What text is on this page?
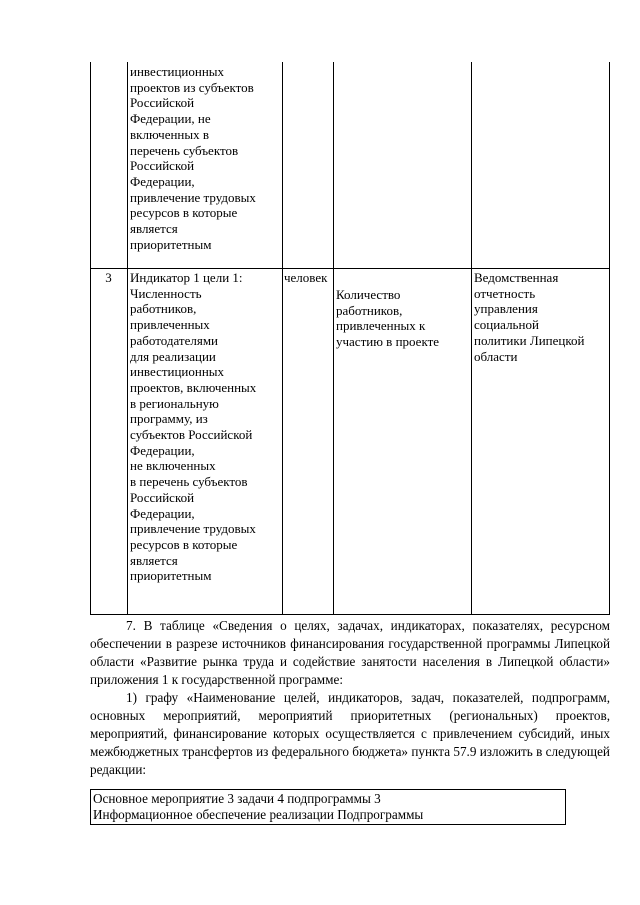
инвестиционных
проектов из субъектов
Российской
Федерации, не
включенных в
перечень субъектов
Российской
Федерации,
привлечение трудовых
ресурсов в которые
является
приоритетным
3	Индикатор 1 цели 1:
Численность
работников,
привлеченных
работодателями
для реализации
инвестиционных
проектов, включенных
в региональную
программу, из
субъектов Российской
Федерации,
не включенных
в перечень субъектов
Российской
Федерации,
привлечение трудовых
ресурсов в которые
является
приоритетным
человек
Количество
работников,
привлеченных к
участию в проекте
Ведомственная
отчетность
управления
социальной
политики Липецкой
области
7. В таблице «Сведения о целях, задачах, индикаторах, показателях, ресурсном обеспечении в разрезе источников финансирования государственной программы Липецкой области «Развитие рынка труда и содействие занятости населения в Липецкой области» приложения 1 к государственной программе:
1) графу «Наименование целей, индикаторов, задач, показателей, подпрограмм, основных мероприятий, мероприятий приоритетных (региональных) проектов, мероприятий, финансирование которых осуществляется с привлечением субсидий, иных межбюджетных трансфертов из федерального бюджета» пункта 57.9 изложить в следующей редакции:
Основное мероприятие 3 задачи 4 подпрограммы 3
Информационное обеспечение реализации Подпрограммы
